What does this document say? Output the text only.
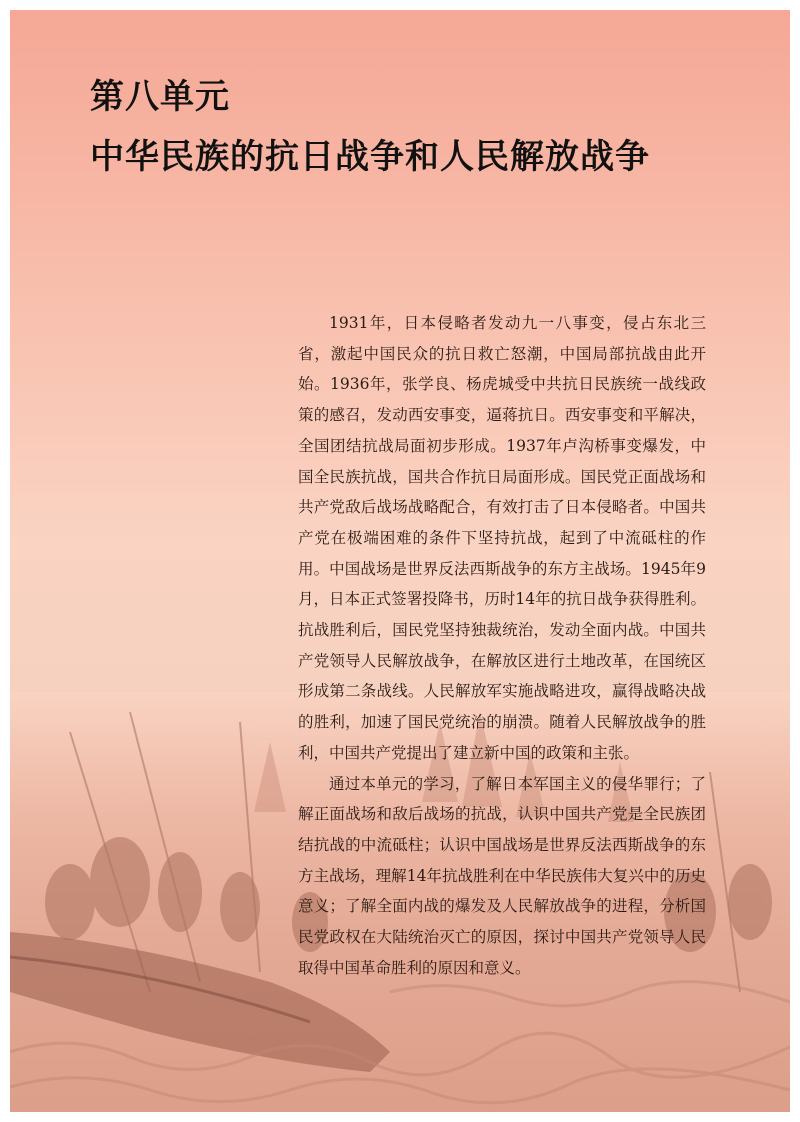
第八单元
中华民族的抗日战争和人民解放战争

1931年，日本侵略者发动九一八事变，侵占东北三省，激起中国民众的抗日救亡怒潮，中国局部抗战由此开始。1936年，张学良、杨虎城受中共抗日民族统一战线政策的感召，发动西安事变，逼蒋抗日。西安事变和平解决，全国团结抗战局面初步形成。1937年卢沟桥事变爆发，中国全民族抗战，国共合作抗日局面形成。国民党正面战场和共产党敌后战场战略配合，有效打击了日本侵略者。中国共产党在极端困难的条件下坚持抗战，起到了中流砥柱的作用。中国战场是世界反法西斯战争的东方主战场。1945年9月，日本正式签署投降书，历时14年的抗日战争获得胜利。抗战胜利后，国民党坚持独裁统治，发动全面内战。中国共产党领导人民解放战争，在解放区进行土地改革，在国统区形成第二条战线。人民解放军实施战略进攻，赢得战略决战的胜利，加速了国民党统治的崩溃。随着人民解放战争的胜利，中国共产党提出了建立新中国的政策和主张。

通过本单元的学习，了解日本军国主义的侵华罪行；了解正面战场和敌后战场的抗战，认识中国共产党是全民族团结抗战的中流砥柱；认识中国战场是世界反法西斯战争的东方主战场，理解14年抗战胜利在中华民族伟大复兴中的历史意义；了解全面内战的爆发及人民解放战争的进程，分析国民党政权在大陆统治灭亡的原因，探讨中国共产党领导人民取得中国革命胜利的原因和意义。
